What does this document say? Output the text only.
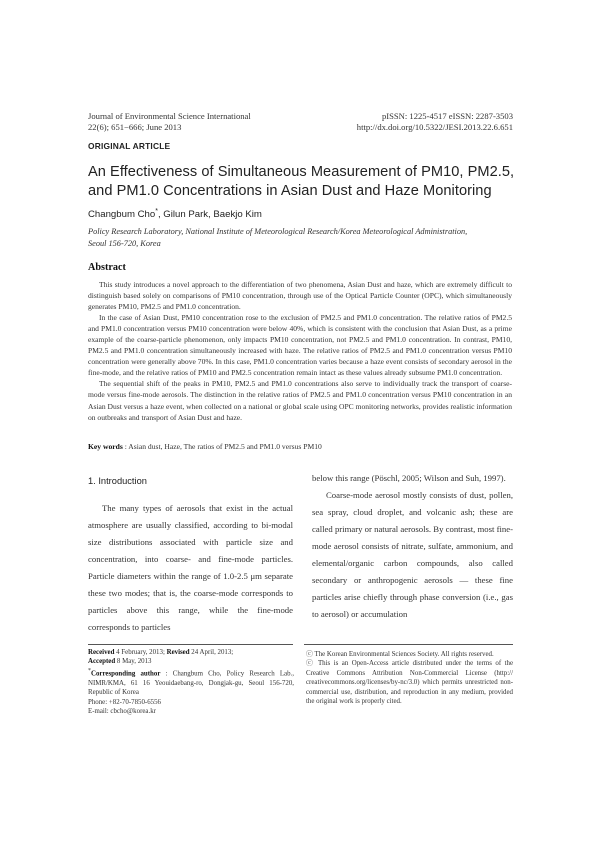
Journal of Environmental Science International
22(6); 651−666; June 2013
pISSN: 1225-4517 eISSN: 2287-3503
http://dx.doi.org/10.5322/JESI.2013.22.6.651
ORIGINAL ARTICLE
An Effectiveness of Simultaneous Measurement of PM10, PM2.5,
and PM1.0 Concentrations in Asian Dust and Haze Monitoring
Changbum Cho*, Gilun Park, Baekjo Kim
Policy Research Laboratory, National Institute of Meteorological Research/Korea Meteorological Administration,
Seoul 156-720, Korea
Abstract

This study introduces a novel approach to the differentiation of two phenomena, Asian Dust and haze, which are extremely difficult to distinguish based solely on comparisons of PM10 concentration, through use of the Optical Particle Counter (OPC), which simultaneously generates PM10, PM2.5 and PM1.0 concentration.

In the case of Asian Dust, PM10 concentration rose to the exclusion of PM2.5 and PM1.0 concentration. The relative ratios of PM2.5 and PM1.0 concentration versus PM10 concentration were below 40%, which is consistent with the conclusion that Asian Dust, as a prime example of the coarse-particle phenomenon, only impacts PM10 concentration, not PM2.5 and PM1.0 concentration. In contrast, PM10, PM2.5 and PM1.0 concentration simultaneously increased with haze. The relative ratios of PM2.5 and PM1.0 concentration versus PM10 concentration were generally above 70%. In this case, PM1.0 concentration varies because a haze event consists of secondary aerosol in the fine-mode, and the relative ratios of PM10 and PM2.5 concentration remain intact as these values already subsume PM1.0 concentration.

The sequential shift of the peaks in PM10, PM2.5 and PM1.0 concentrations also serve to individually track the transport of coarse-mode versus fine-mode aerosols. The distinction in the relative ratios of PM2.5 and PM1.0 concentration versus PM10 concentration in an Asian Dust versus a haze event, when collected on a national or global scale using OPC monitoring networks, provides realistic information on outbreaks and transport of Asian Dust and haze.

Key words : Asian dust, Haze, The ratios of PM2.5 and PM1.0 versus PM10
1. Introduction

The many types of aerosols that exist in the actual atmosphere are usually classified, according to bi-modal size distributions associated with particle size and concentration, into coarse- and fine-mode particles. Particle diameters within the range of 1.0-2.5 μm separate these two modes; that is, the coarse-mode corresponds to particles above this range, while the fine-mode corresponds to particles

below this range (Pöschl, 2005; Wilson and Suh, 1997).

Coarse-mode aerosol mostly consists of dust, pollen, sea spray, cloud droplet, and volcanic ash; these are called primary or natural aerosols. By contrast, most fine-mode aerosol consists of nitrate, sulfate, ammonium, and elemental/organic carbon compounds, also called secondary or anthropogenic aerosols — these fine particles arise chiefly through phase conversion (i.e., gas to aerosol) or accumulation

Received 4 February, 2013; Revised 24 April, 2013;
Accepted 8 May, 2013
*Corresponding author : Changbum Cho, Policy Research Lab., NIMR/KMA, 61 16 Yeouidaebang-ro, Dongjak-gu, Seoul 156-720, Republic of Korea
Phone: +82-70-7850-6556
E-mail: cbcho@korea.kr

ⓒ The Korean Environmental Sciences Society. All rights reserved.

ⓒ This is an Open-Access article distributed under the terms of the Creative Commons Attribution Non-Commercial License (http:// creativecommons.org/licenses/by-nc/3.0) which permits unrestricted non-commercial use, distribution, and reproduction in any medium, provided the original work is properly cited.
